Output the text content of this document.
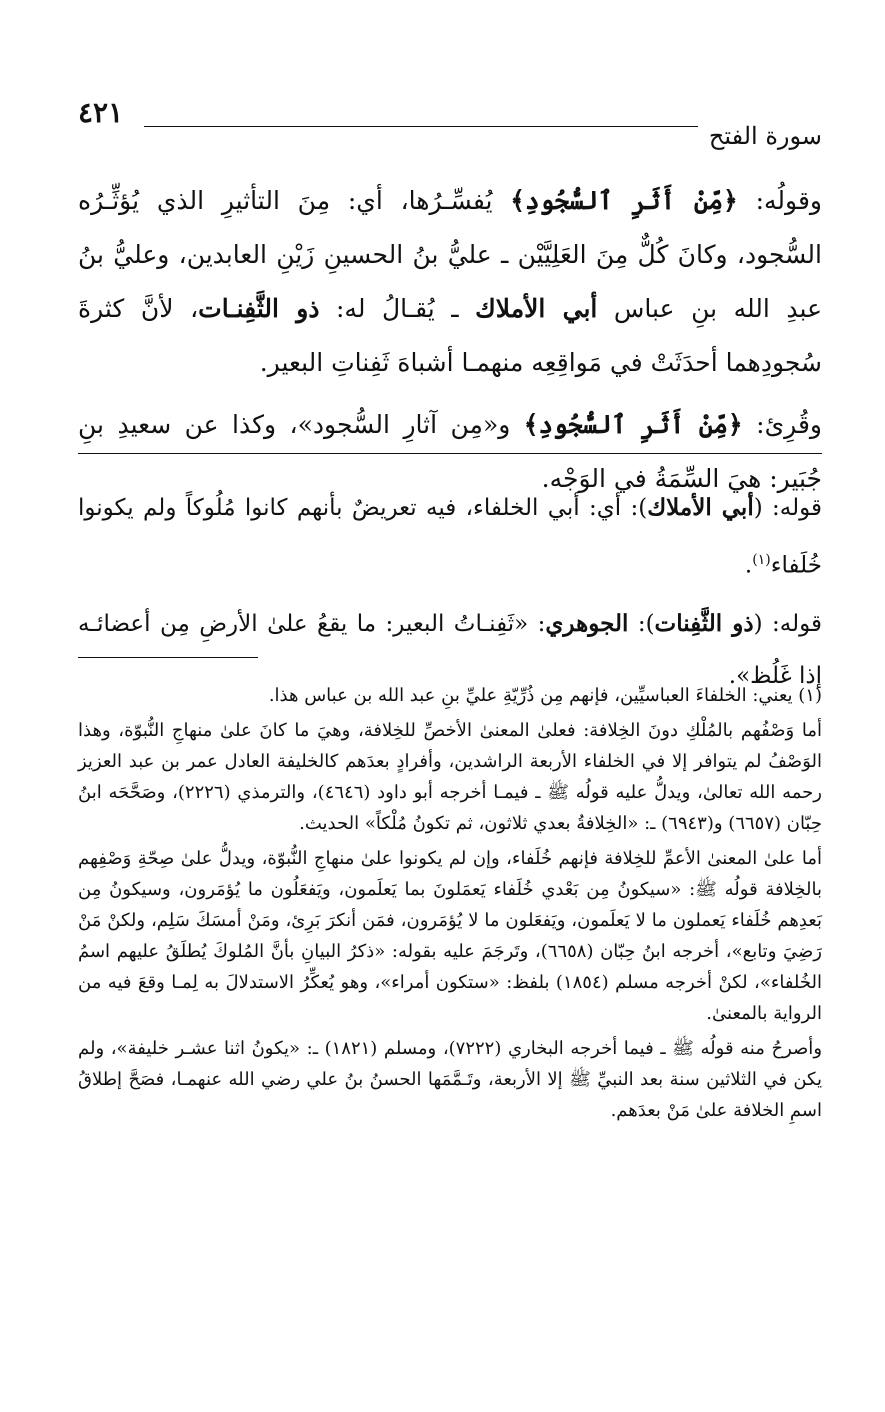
سورة الفتح
٤٢١

وقولُه: ﴿مِّنْ أَثَرِ ٱلسُّجُودِ﴾ يُفسِّـرُها، أي: مِنَ التأثيرِ الذي يُؤثِّـرُه السُّجود، وكانَ كُلٌّ مِنَ العَلِيَّيْن ـ عليُّ بنُ الحسينِ زَيْنِ العابدين، وعليُّ بنُ عبدِ الله بنِ عباس أبي الأملاك ـ يُقـالُ له: ذو الثَّفِنـات، لأنَّ كثرةَ سُجودِهما أحدَثَتْ في مَواقِعِه منهمـا أشباهَ ثَفِناتِ البعير.

وقُرِئ: ﴿مِّنْ أَثَرِ ٱلسُّجُودِ﴾ و«مِن آثارِ السُّجود»، وكذا عن سعيدِ بنِ جُبَير: هيَ السِّمَةُ في الوَجْه.

قوله: (أبي الأملاك): أي: أبي الخلفاء، فيه تعريضٌ بأنهم كانوا مُلُوكاً ولم يكونوا خُلَفاء$^{(١)}$.

قوله: (ذو الثَّفِنات): الجوهري: «ثَفِنـاتُ البعير: ما يقعُ علىٰ الأرضِ مِن أعضائـه إذا غَلُظ».

(١) يعني: الخلفاءَ العباسيِّين، فإنهم مِن ذُرِّيّةِ عليِّ بنِ عبد الله بن عباس هذا.

أما وَصْفُهم بالمُلْكِ دونَ الخِلافة: فعلىٰ المعنىٰ الأخصِّ للخِلافة، وهيَ ما كانَ علىٰ منهاجِ النُّبوّة، وهذا الوَصْفُ لم يتوافر إلا في الخلفاء الأربعة الراشدين، وأفرادٍ بعدَهم كالخليفة العادل عمر بن عبد العزيز رحمه الله تعالىٰ، ويدلُّ عليه قولُه ﷺ ـ فيمـا أخرجه أبو داود (٤٦٤٦)، والترمذي (٢٢٢٦)، وصَحَّحَه ابنُ حِبّان (٦٦٥٧) و(٦٩٤٣) ـ: «الخِلافةُ بعدي ثلاثون، ثم تكونُ مُلْكاً» الحديث.

أما علىٰ المعنىٰ الأعمِّ للخِلافة فإنهم خُلَفاء، وإن لم يكونوا علىٰ منهاجِ النُّبوّة، ويدلُّ علىٰ صِحّةِ وَصْفِهم بالخِلافة قولُه ﷺ: «سيكونُ مِن بَعْدي خُلَفاء يَعمَلونَ بما يَعلَمون، ويَفعَلُون ما يُؤمَرون، وسيكونُ مِن بَعدِهم خُلَفاء يَعملون ما لا يَعلَمون، ويَفعَلون ما لا يُؤمَرون، فمَن أنكرَ بَرِئ، ومَنْ أمسَكَ سَلِم، ولكنْ مَنْ رَضِيَ وتابع»، أخرجه ابنُ حِبّان (٦٦٥٨)، وتَرجَمَ عليه بقوله: «ذكرُ البيانِ بأنَّ المُلوكَ يُطلَقُ عليهم اسمُ الخُلفاء»، لكنْ أخرجه مسلم (١٨٥٤) بلفظ: «ستكون أمراء»، وهو يُعكِّرُ الاستدلالَ به لِمـا وقعَ فيه من الرواية بالمعنىٰ.

وأصرحُ منه قولُه ﷺ ـ فيما أخرجه البخاري (٧٢٢٢)، ومسلم (١٨٢١) ـ: «يكونُ اثنا عشـر خليفة»، ولم يكن في الثلاثين سنة بعد النبيِّ ﷺ إلا الأربعة، وتَـمَّمَها الحسنُ بنُ علي رضي الله عنهمـا، فصَحَّ إطلاقُ اسمِ الخلافة علىٰ مَنْ بعدَهم.
